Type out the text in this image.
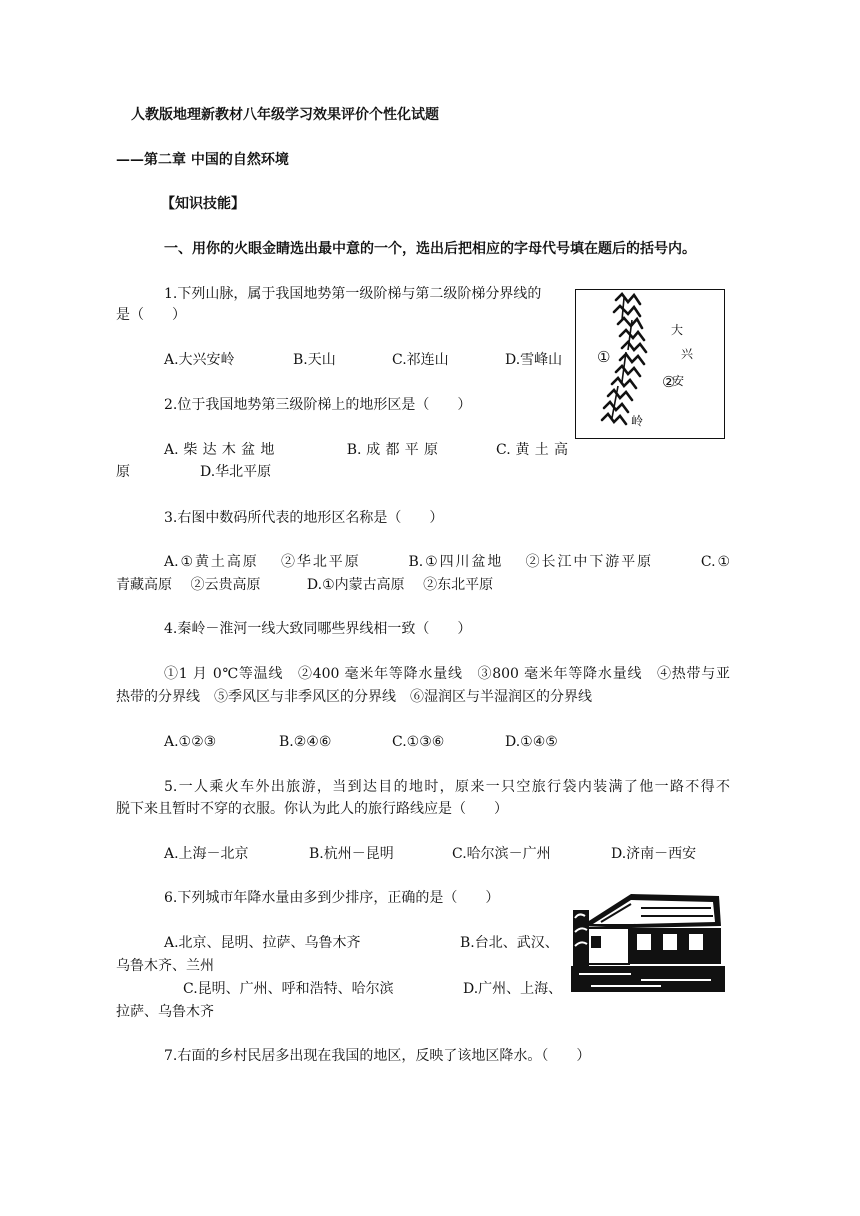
人教版地理新教材八年级学习效果评价个性化试题
——第二章 中国的自然环境
【知识技能】
一、用你的火眼金睛选出最中意的一个，选出后把相应的字母代号填在题后的括号内。
1.下列山脉，属于我国地势第一级阶梯与第二级阶梯分界线的
是（　　）
A.大兴安岭	B.天山	C.祁连山	D.雪峰山
2.位于我国地势第三级阶梯上的地形区是（　　）
A. 柴 达 木 盆 地　　　　　B. 成 都 平 原　　　　C. 黄 土 高
原	D.华北平原
大
兴
安
岭
①
②
3.右图中数码所代表的地形区名称是（　　）
A.①黄土高原　 ②华北平原　　　B.①四川盆地　 ②长江中下游平原　　　C.①
青藏高原　 ②云贵高原　　　 D.①内蒙古高原　 ②东北平原
4.秦岭－淮河一线大致同哪些界线相一致（　　）
①1 月 0℃等温线　②400 毫米年等降水量线　③800 毫米年等降水量线　④热带与亚
热带的分界线　⑤季风区与非季风区的分界线　⑥湿润区与半湿润区的分界线
A.①②③	B.②④⑥	C.①③⑥	D.①④⑤
5.一人乘火车外出旅游，当到达目的地时，原来一只空旅行袋内装满了他一路不得不
脱下来且暂时不穿的衣服。你认为此人的旅行路线应是（　　）
A.上海－北京	B.杭州－昆明	C.哈尔滨－广州	D.济南－西安
6.下列城市年降水量由多到少排序，正确的是（　　）
A.北京、昆明、拉萨、乌鲁木齐	B.台北、武汉、
乌鲁木齐、兰州
C.昆明、广州、呼和浩特、哈尔滨	D.广州、上海、
拉萨、乌鲁木齐
7.右面的乡村民居多出现在我国的地区，反映了该地区降水。（　　）
